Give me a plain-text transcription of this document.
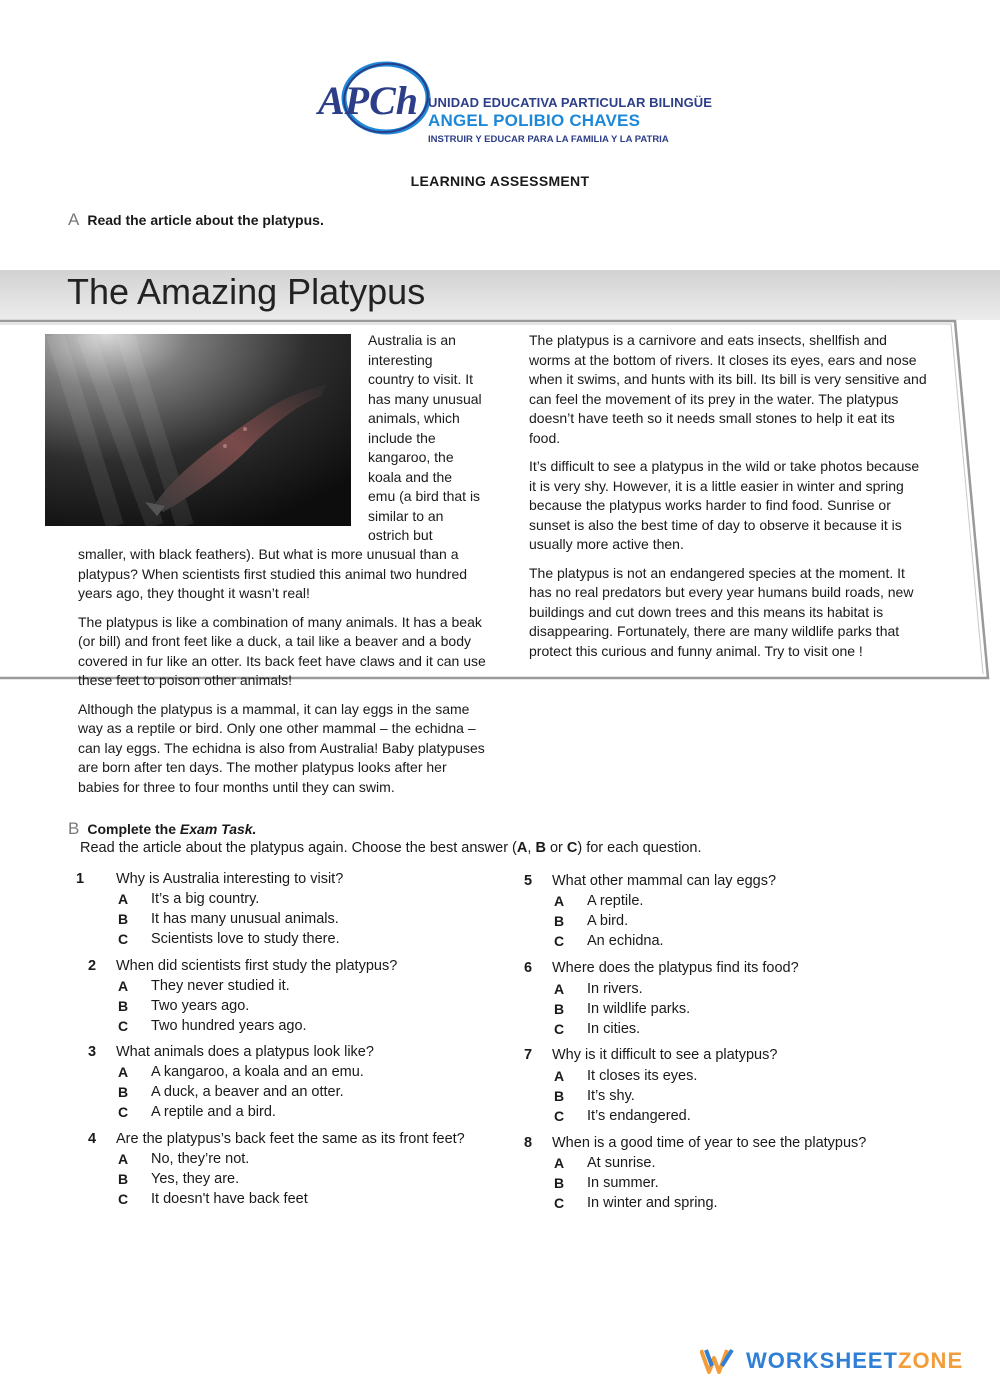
APCh UNIDAD EDUCATIVA PARTICULAR BILINGÜE
ANGEL POLIBIO CHAVES
INSTRUIR Y EDUCAR PARA LA FAMILIA Y LA PATRIA
LEARNING ASSESSMENT
A Read the article about the platypus.
The Amazing Platypus
Australia is an
interesting
country to visit. It
has many unusual
animals, which
include the
kangaroo, the
koala and the
emu (a bird that is
similar to an
ostrich but

smaller, with black feathers). But what is more unusual than a platypus? When scientists first studied this animal two hundred years ago, they thought it wasn’t real!

The platypus is like a combination of many animals. It has a beak (or bill) and front feet like a duck, a tail like a beaver and a body covered in fur like an otter. Its back feet have claws and it can use these feet to poison other animals!

Although the platypus is a mammal, it can lay eggs in the same way as a reptile or bird. Only one other mammal – the echidna – can lay eggs. The echidna is also from Australia! Baby platypuses are born after ten days. The mother platypus looks after her babies for three to four months until they can swim.

The platypus is a carnivore and eats insects, shellfish and worms at the bottom of rivers. It closes its eyes, ears and nose when it swims, and hunts with its bill. Its bill is very sensitive and can feel the movement of its prey in the water. The platypus doesn’t have teeth so it needs small stones to help it eat its food.

It’s difficult to see a platypus in the wild or take photos because it is very shy. However, it is a little easier in winter and spring because the platypus works harder to find food. Sunrise or sunset is also the best time of day to observe it because it is usually more active then.

The platypus is not an endangered species at the moment. It has no real predators but every year humans build roads, new buildings and cut down trees and this means its habitat is disappearing. Fortunately, there are many wildlife parks that protect this curious and funny animal. Try to visit one !

B Complete the Exam Task.
Read the article about the platypus again. Choose the best answer (A, B or C) for each question.
1 Why is Australia interesting to visit?
A It’s a big country.
B It has many unusual animals.
C Scientists love to study there.
2 When did scientists first study the platypus?
A They never studied it.
B Two years ago.
C Two hundred years ago.
3 What animals does a platypus look like?
A A kangaroo, a koala and an emu.
B A duck, a beaver and an otter.
C A reptile and a bird.
4 Are the platypus’s back feet the same as its front feet?
A No, they’re not.
B Yes, they are.
C It doesn't have back feet
5 What other mammal can lay eggs?
A A reptile.
B A bird.
C An echidna.
6 Where does the platypus find its food?
A In rivers.
B In wildlife parks.
C In cities.
7 Why is it difficult to see a platypus?
A It closes its eyes.
B It’s shy.
C It’s endangered.
8 When is a good time of year to see the platypus?
A At sunrise.
B In summer.
C In winter and spring.
WORKSHEETZONE
